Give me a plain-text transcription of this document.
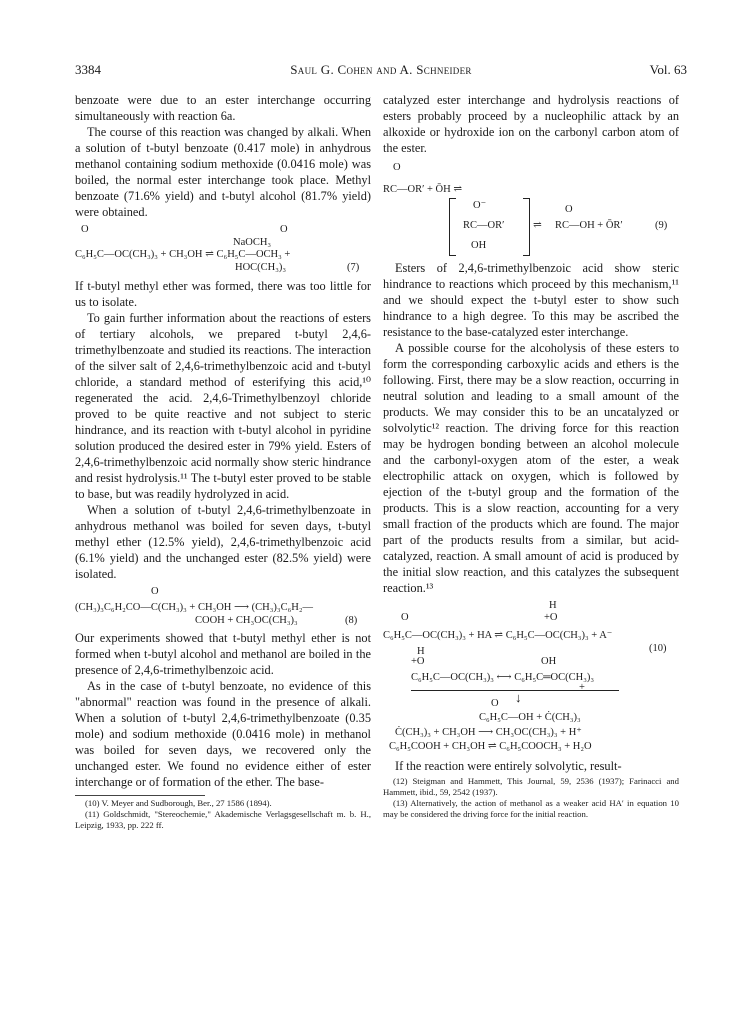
3384	Saul G. Cohen and A. Schneider	Vol. 63

benzoate were due to an ester interchange occurring simultaneously with reaction 6a.

The course of this reaction was changed by alkali. When a solution of t-butyl benzoate (0.417 mole) in anhydrous methanol containing sodium methoxide (0.0416 mole) was boiled, the normal ester interchange took place. Methyl benzoate (71.6% yield) and t-butyl alcohol (81.7% yield) were obtained.

O	O
NaOCH₃
C₆H₅C—OC(CH₃)₃ + CH₃OH ⇌ C₆H₅C—OCH₃ +
HOC(CH₃)₃	(7)

If t-butyl methyl ether was formed, there was too little for us to isolate.

To gain further information about the reactions of esters of tertiary alcohols, we prepared t-butyl 2,4,6-trimethylbenzoate and studied its reactions. The interaction of the silver salt of 2,4,6-trimethylbenzoic acid and t-butyl chloride, a standard method of esterifying this acid,¹⁰ regenerated the acid. 2,4,6-Trimethylbenzoyl chloride proved to be quite reactive and not subject to steric hindrance, and its reaction with t-butyl alcohol in pyridine solution produced the desired ester in 79% yield. Esters of 2,4,6-trimethylbenzoic acid normally show steric hindrance and resist hydrolysis.¹¹ The t-butyl ester proved to be stable to base, but was readily hydrolyzed in acid.

When a solution of t-butyl 2,4,6-trimethylbenzoate in anhydrous methanol was boiled for seven days, t-butyl methyl ether (12.5% yield), 2,4,6-trimethylbenzoic acid (6.1% yield) and the unchanged ester (82.5% yield) were isolated.

O
(CH₃)₃C₆H₂CO—C(CH₃)₃ + CH₃OH ⟶ (CH₃)₃C₆H₂—
COOH + CH₃OC(CH₃)₃	(8)

Our experiments showed that t-butyl methyl ether is not formed when t-butyl alcohol and methanol are boiled in the presence of 2,4,6-trimethylbenzoic acid.

As in the case of t-butyl benzoate, no evidence of this "abnormal" reaction was found in the presence of alkali. When a solution of t-butyl 2,4,6-trimethylbenzoate (0.35 mole) and sodium methoxide (0.0416 mole) in methanol was boiled for seven days, we recovered only the unchanged ester. We found no evidence either of ester interchange or of formation of the ether. The base-

(10) V. Meyer and Sudborough, Ber., 27 1586 (1894).

(11) Goldschmidt, "Stereochemie," Akademische Verlagsgesellschaft m. b. H., Leipzig, 1933, pp. 222 ff.

catalyzed ester interchange and hydrolysis reactions of esters probably proceed by a nucleophilic attack by an alkoxide or hydroxide ion on the carbonyl carbon atom of the ester.

O
RC—OR′ + ŌH ⇌
O⁻
RC—OR′
OH
⇌
O
RC—OH + ŌR′	(9)

Esters of 2,4,6-trimethylbenzoic acid show steric hindrance to reactions which proceed by this mechanism,¹¹ and we should expect the t-butyl ester to show such hindrance to a high degree. To this may be ascribed the resistance to the base-catalyzed ester interchange.

A possible course for the alcoholysis of these esters to form the corresponding carboxylic acids and ethers is the following. First, there may be a slow reaction, occurring in neutral solution and leading to a small amount of the products. We may consider this to be an uncatalyzed or solvolytic¹² reaction. The driving force for this reaction may be hydrogen bonding between an alcohol molecule and the carbonyl-oxygen atom of the ester, a weak electrophilic attack on oxygen, which is followed by ejection of the t-butyl group and the formation of the products. This is a slow reaction, accounting for a very small fraction of the products which are found. The major part of the products results from a similar, but acid-catalyzed, reaction. A small amount of acid is produced by the initial slow reaction, and this catalyzes the subsequent reaction.¹³

H
O	+O
C₆H₅C—OC(CH₃)₃ + HA ⇌ C₆H₅C—OC(CH₃)₃ + A⁻
(10)
H
+O	OH
C₆H₅C—OC(CH₃)₃ ⟷ C₆H₅C═OC(CH₃)₃
+
O ↓
C₆H₅C—OH + Ċ(CH₃)₃
Ċ(CH₃)₃ + CH₃OH ⟶ CH₃OC(CH₃)₃ + H⁺
C₆H₅COOH + CH₃OH ⇌ C₆H₅COOCH₃ + H₂O

If the reaction were entirely solvolytic, result-

(12) Steigman and Hammett, This Journal, 59, 2536 (1937); Farinacci and Hammett, ibid., 59, 2542 (1937).

(13) Alternatively, the action of methanol as a weaker acid HA′ in equation 10 may be considered the driving force for the initial reaction.
